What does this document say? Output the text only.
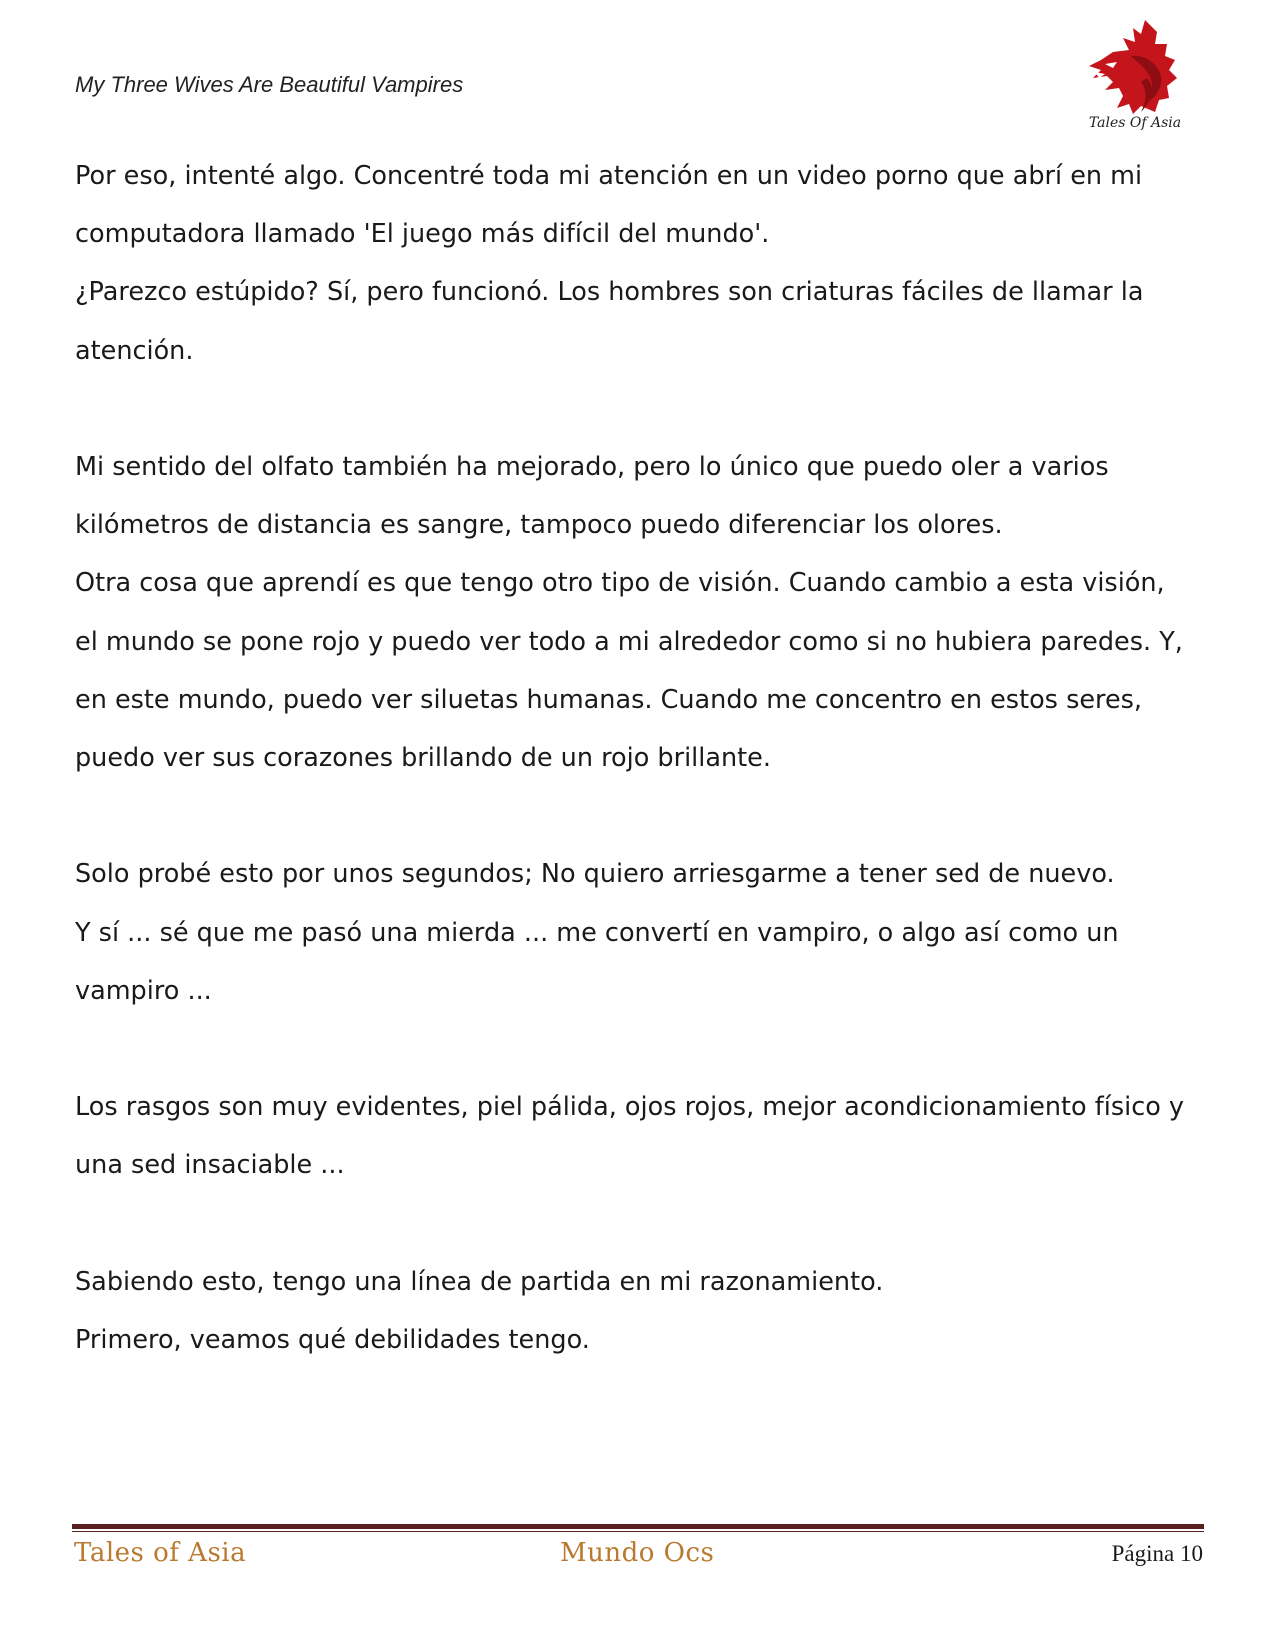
My Three Wives Are Beautiful Vampires
Tales Of Asia
Por eso, intenté algo. Concentré toda mi atención en un video porno que abrí en mi
computadora llamado 'El juego más difícil del mundo'.
¿Parezco estúpido? Sí, pero funcionó. Los hombres son criaturas fáciles de llamar la
atención.
Mi sentido del olfato también ha mejorado, pero lo único que puedo oler a varios
kilómetros de distancia es sangre, tampoco puedo diferenciar los olores.
Otra cosa que aprendí es que tengo otro tipo de visión. Cuando cambio a esta visión,
el mundo se pone rojo y puedo ver todo a mi alrededor como si no hubiera paredes. Y,
en este mundo, puedo ver siluetas humanas. Cuando me concentro en estos seres,
puedo ver sus corazones brillando de un rojo brillante.
Solo probé esto por unos segundos; No quiero arriesgarme a tener sed de nuevo.
Y sí ... sé que me pasó una mierda ... me convertí en vampiro, o algo así como un
vampiro ...
Los rasgos son muy evidentes, piel pálida, ojos rojos, mejor acondicionamiento físico y
una sed insaciable ...
Sabiendo esto, tengo una línea de partida en mi razonamiento.
Primero, veamos qué debilidades tengo.
Tales of Asia	Mundo Ocs	Página 10
